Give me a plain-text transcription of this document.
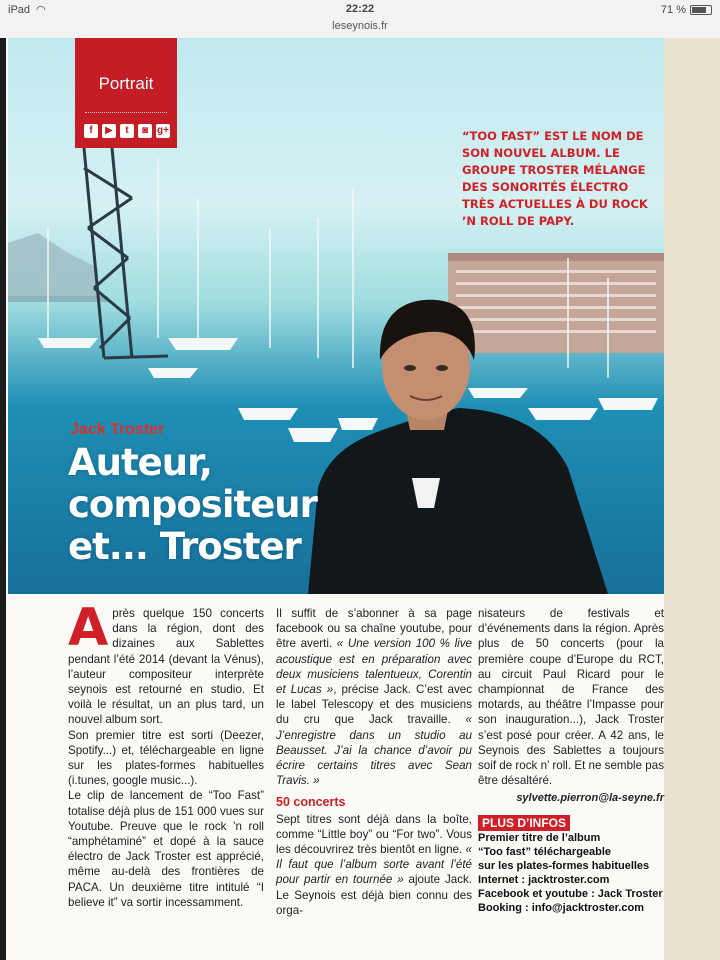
iPad ◠	22:22	71 %
leseynois.fr
Portrait
f	▶	t	◙ g+	“TOO FAST” EST LE NOM DE SON NOUVEL ALBUM. LE GROUPE TROSTER MÉLANGE DES SONORITÉS ÉLECTRO TRÈS ACTUELLES À DU ROCK ’N ROLL DE PAPY.
Jack Troster
Auteur,
compositeur
et... Troster

Après quelque 150 concerts dans la région, dont des dizaines aux Sablettes pendant l’été 2014 (devant la Vénus), l’auteur compositeur interprète seynois est retourné en studio. Et voilà le résultat, un an plus tard, un nouvel album sort.

Son premier titre est sorti (Deezer, Spotify...) et, téléchargeable en ligne sur les plates-formes habituelles (i.tunes, google music...).

Le clip de lancement de “Too Fast” totalise déjà plus de 151 000 vues sur Youtube. Preuve que le rock ’n roll “amphétaminé” et dopé à la sauce électro de Jack Troster est apprécié, même au-delà des frontières de PACA. Un deuxième titre intitulé “I believe it” va sortir incessamment.

Il suffit de s’abonner à sa page facebook ou sa chaîne youtube, pour être averti. « Une version 100 % live acoustique est en préparation avec deux musiciens talentueux, Corentin et Lucas », précise Jack. C’est avec le label Telescopy et des musiciens du cru que Jack travaille. « J’enregistre dans un studio au Beausset. J’ai la chance d’avoir pu écrire certains titres avec Sean Travis. »

50 concerts

Sept titres sont déjà dans la boîte, comme “Little boy” ou “For two”. Vous les découvrirez très bientôt en ligne. « Il faut que l’album sorte avant l’été pour partir en tournée » ajoute Jack. Le Seynois est déjà bien connu des orga-

nisateurs de festivals et d’événements dans la région. Après plus de 50 concerts (pour la première coupe d’Europe du RCT, au circuit Paul Ricard pour le championnat de France des motards, au théâtre l’Impasse pour son inauguration...), Jack Troster s’est posé pour créer. A 42 ans, le Seynois des Sablettes a toujours soif de rock n’ roll. Et ne semble pas être désaltéré.

sylvette.pierron@la-seyne.fr
PLUS D’INFOS
Premier titre de l’album
“Too fast” téléchargeable
sur les plates-formes habituelles
Internet : jacktroster.com
Facebook et youtube : Jack Troster
Booking : info@jacktroster.com
